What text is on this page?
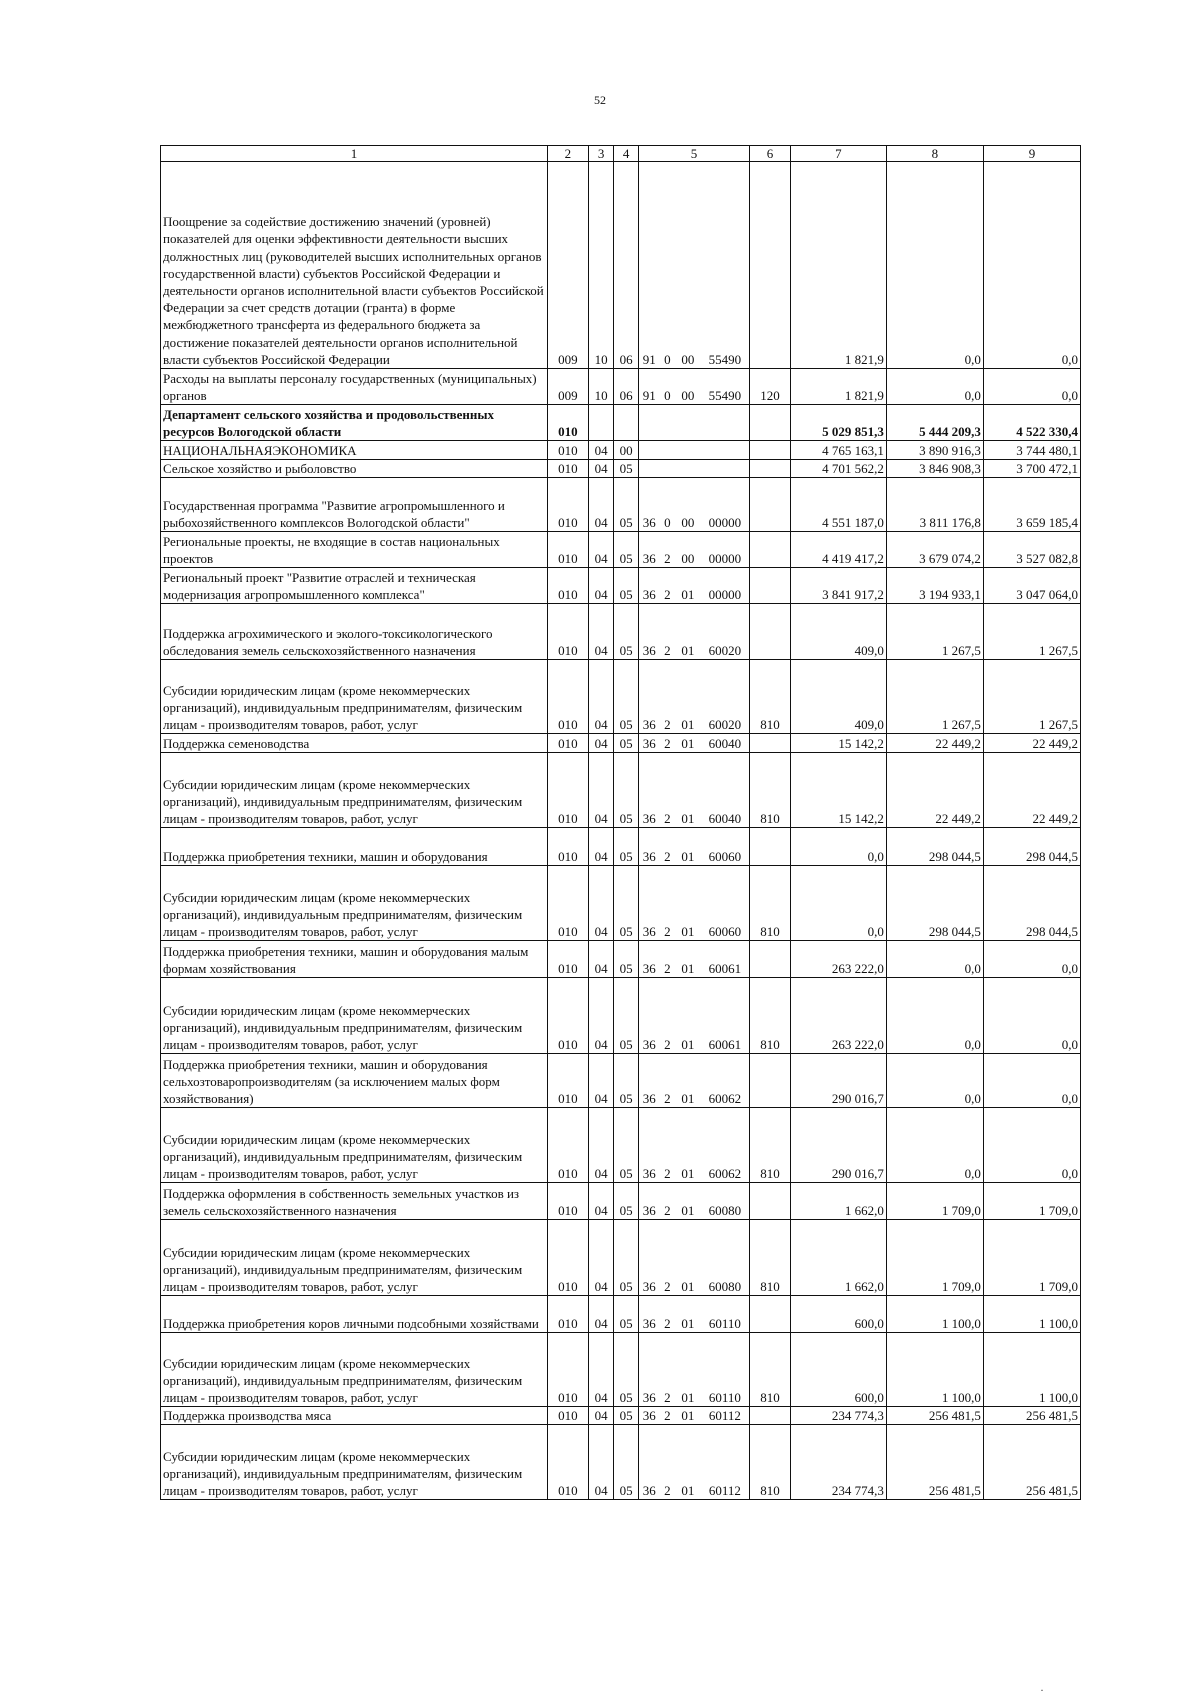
52
1	2	3	4	5				6	7	8	9
Поощрение за содействие достижению значений (уровней) показателей для оценки эффективности деятельности высших должностных лиц (руководителей высших исполнительных органов государственной власти) субъектов Российской Федерации и деятельности органов исполнительной власти субъектов Российской Федерации за счет средств дотации (гранта) в форме межбюджетного трансферта из федерального бюджета за достижение показателей деятельности органов исполнительной власти субъектов Российской Федерации	009	10	06	91	0	00	55490		1 821,9	0,0	0,0
Расходы на выплаты персоналу государственных (муниципальных) органов	009	10	06	91	0	00	55490	120	1 821,9	0,0	0,0
Департамент сельского хозяйства и продовольственных ресурсов Вологодской области	010								5 029 851,3	5 444 209,3	4 522 330,4
НАЦИОНАЛЬНАЯЭКОНОМИКА	010	04	00						4 765 163,1	3 890 916,3	3 744 480,1
Сельское хозяйство и рыболовство	010	04	05						4 701 562,2	3 846 908,3	3 700 472,1
Государственная программа "Развитие агропромышленного и рыбохозяйственного комплексов Вологодской области"	010	04	05	36	0	00	00000		4 551 187,0	3 811 176,8	3 659 185,4
Региональные проекты, не входящие в состав национальных проектов	010	04	05	36	2	00	00000		4 419 417,2	3 679 074,2	3 527 082,8
Региональный проект "Развитие отраслей и техническая модернизация агропромышленного комплекса"	010	04	05	36	2	01	00000		3 841 917,2	3 194 933,1	3 047 064,0
Поддержка агрохимического и эколого-токсикологического обследования земель сельскохозяйственного назначения	010	04	05	36	2	01	60020		409,0	1 267,5	1 267,5
Субсидии юридическим лицам (кроме некоммерческих организаций), индивидуальным предпринимателям, физическим лицам - производителям товаров, работ, услуг	010	04	05	36	2	01	60020	810	409,0	1 267,5	1 267,5
Поддержка семеноводства	010	04	05	36	2	01	60040		15 142,2	22 449,2	22 449,2
Субсидии юридическим лицам (кроме некоммерческих организаций), индивидуальным предпринимателям, физическим лицам - производителям товаров, работ, услуг	010	04	05	36	2	01	60040	810	15 142,2	22 449,2	22 449,2
Поддержка приобретения техники, машин и оборудования	010	04	05	36	2	01	60060		0,0	298 044,5	298 044,5
Субсидии юридическим лицам (кроме некоммерческих организаций), индивидуальным предпринимателям, физическим лицам - производителям товаров, работ, услуг	010	04	05	36	2	01	60060	810	0,0	298 044,5	298 044,5
Поддержка приобретения техники, машин и оборудования малым формам хозяйствования	010	04	05	36	2	01	60061		263 222,0	0,0	0,0
Субсидии юридическим лицам (кроме некоммерческих организаций), индивидуальным предпринимателям, физическим лицам - производителям товаров, работ, услуг	010	04	05	36	2	01	60061	810	263 222,0	0,0	0,0
Поддержка приобретения техники, машин и оборудования сельхозтоваропроизводителям (за исключением малых форм хозяйствования)	010	04	05	36	2	01	60062		290 016,7	0,0	0,0
Субсидии юридическим лицам (кроме некоммерческих организаций), индивидуальным предпринимателям, физическим лицам - производителям товаров, работ, услуг	010	04	05	36	2	01	60062	810	290 016,7	0,0	0,0
Поддержка оформления в собственность земельных участков из земель сельскохозяйственного назначения	010	04	05	36	2	01	60080		1 662,0	1 709,0	1 709,0
Субсидии юридическим лицам (кроме некоммерческих организаций), индивидуальным предпринимателям, физическим лицам - производителям товаров, работ, услуг	010	04	05	36	2	01	60080	810	1 662,0	1 709,0	1 709,0
Поддержка приобретения коров личными подсобными хозяйствами	010	04	05	36	2	01	60110		600,0	1 100,0	1 100,0
Субсидии юридическим лицам (кроме некоммерческих организаций), индивидуальным предпринимателям, физическим лицам - производителям товаров, работ, услуг	010	04	05	36	2	01	60110	810	600,0	1 100,0	1 100,0
Поддержка производства мяса	010	04	05	36	2	01	60112		234 774,3	256 481,5	256 481,5
Субсидии юридическим лицам (кроме некоммерческих организаций), индивидуальным предпринимателям, физическим лицам - производителям товаров, работ, услуг	010	04	05	36	2	01	60112	810	234 774,3	256 481,5	256 481,5
·
